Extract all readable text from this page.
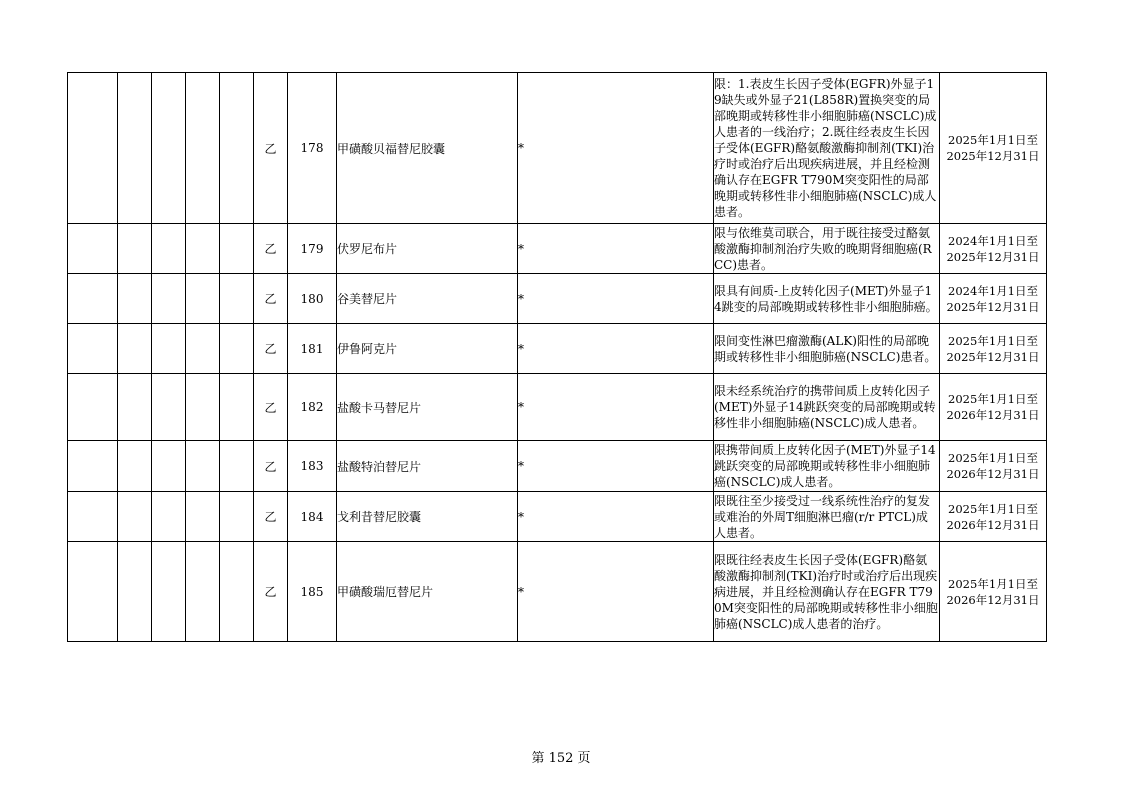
					乙	178	甲磺酸贝福替尼胶囊	*	限：1.表皮生长因子受体(EGFR)外显子19缺失或外显子21(L858R)置换突变的局部晚期或转移性非小细胞肺癌(NSCLC)成人患者的一线治疗；2.既往经表皮生长因子受体(EGFR)酪氨酸激酶抑制剂(TKI)治疗时或治疗后出现疾病进展，并且经检测确认存在EGFR T790M突变阳性的局部晚期或转移性非小细胞肺癌(NSCLC)成人患者。	2025年1月1日至
2025年12月31日
					乙	179	伏罗尼布片	*	限与依维莫司联合，用于既往接受过酪氨酸激酶抑制剂治疗失败的晚期肾细胞癌(RCC)患者。	2024年1月1日至
2025年12月31日
					乙	180	谷美替尼片	*	限具有间质-上皮转化因子(MET)外显子14跳变的局部晚期或转移性非小细胞肺癌。	2024年1月1日至
2025年12月31日
					乙	181	伊鲁阿克片	*	限间变性淋巴瘤激酶(ALK)阳性的局部晚期或转移性非小细胞肺癌(NSCLC)患者。	2025年1月1日至
2025年12月31日
					乙	182	盐酸卡马替尼片	*	限未经系统治疗的携带间质上皮转化因子(MET)外显子14跳跃突变的局部晚期或转移性非小细胞肺癌(NSCLC)成人患者。	2025年1月1日至
2026年12月31日
					乙	183	盐酸特泊替尼片	*	限携带间质上皮转化因子(MET)外显子14跳跃突变的局部晚期或转移性非小细胞肺癌(NSCLC)成人患者。	2025年1月1日至
2026年12月31日
					乙	184	戈利昔替尼胶囊	*	限既往至少接受过一线系统性治疗的复发或难治的外周T细胞淋巴瘤(r/r PTCL)成人患者。	2025年1月1日至
2026年12月31日
					乙	185	甲磺酸瑞厄替尼片	*	限既往经表皮生长因子受体(EGFR)酪氨酸激酶抑制剂(TKI)治疗时或治疗后出现疾病进展，并且经检测确认存在EGFR T790M突变阳性的局部晚期或转移性非小细胞肺癌(NSCLC)成人患者的治疗。	2025年1月1日至
2026年12月31日
第 152 页
